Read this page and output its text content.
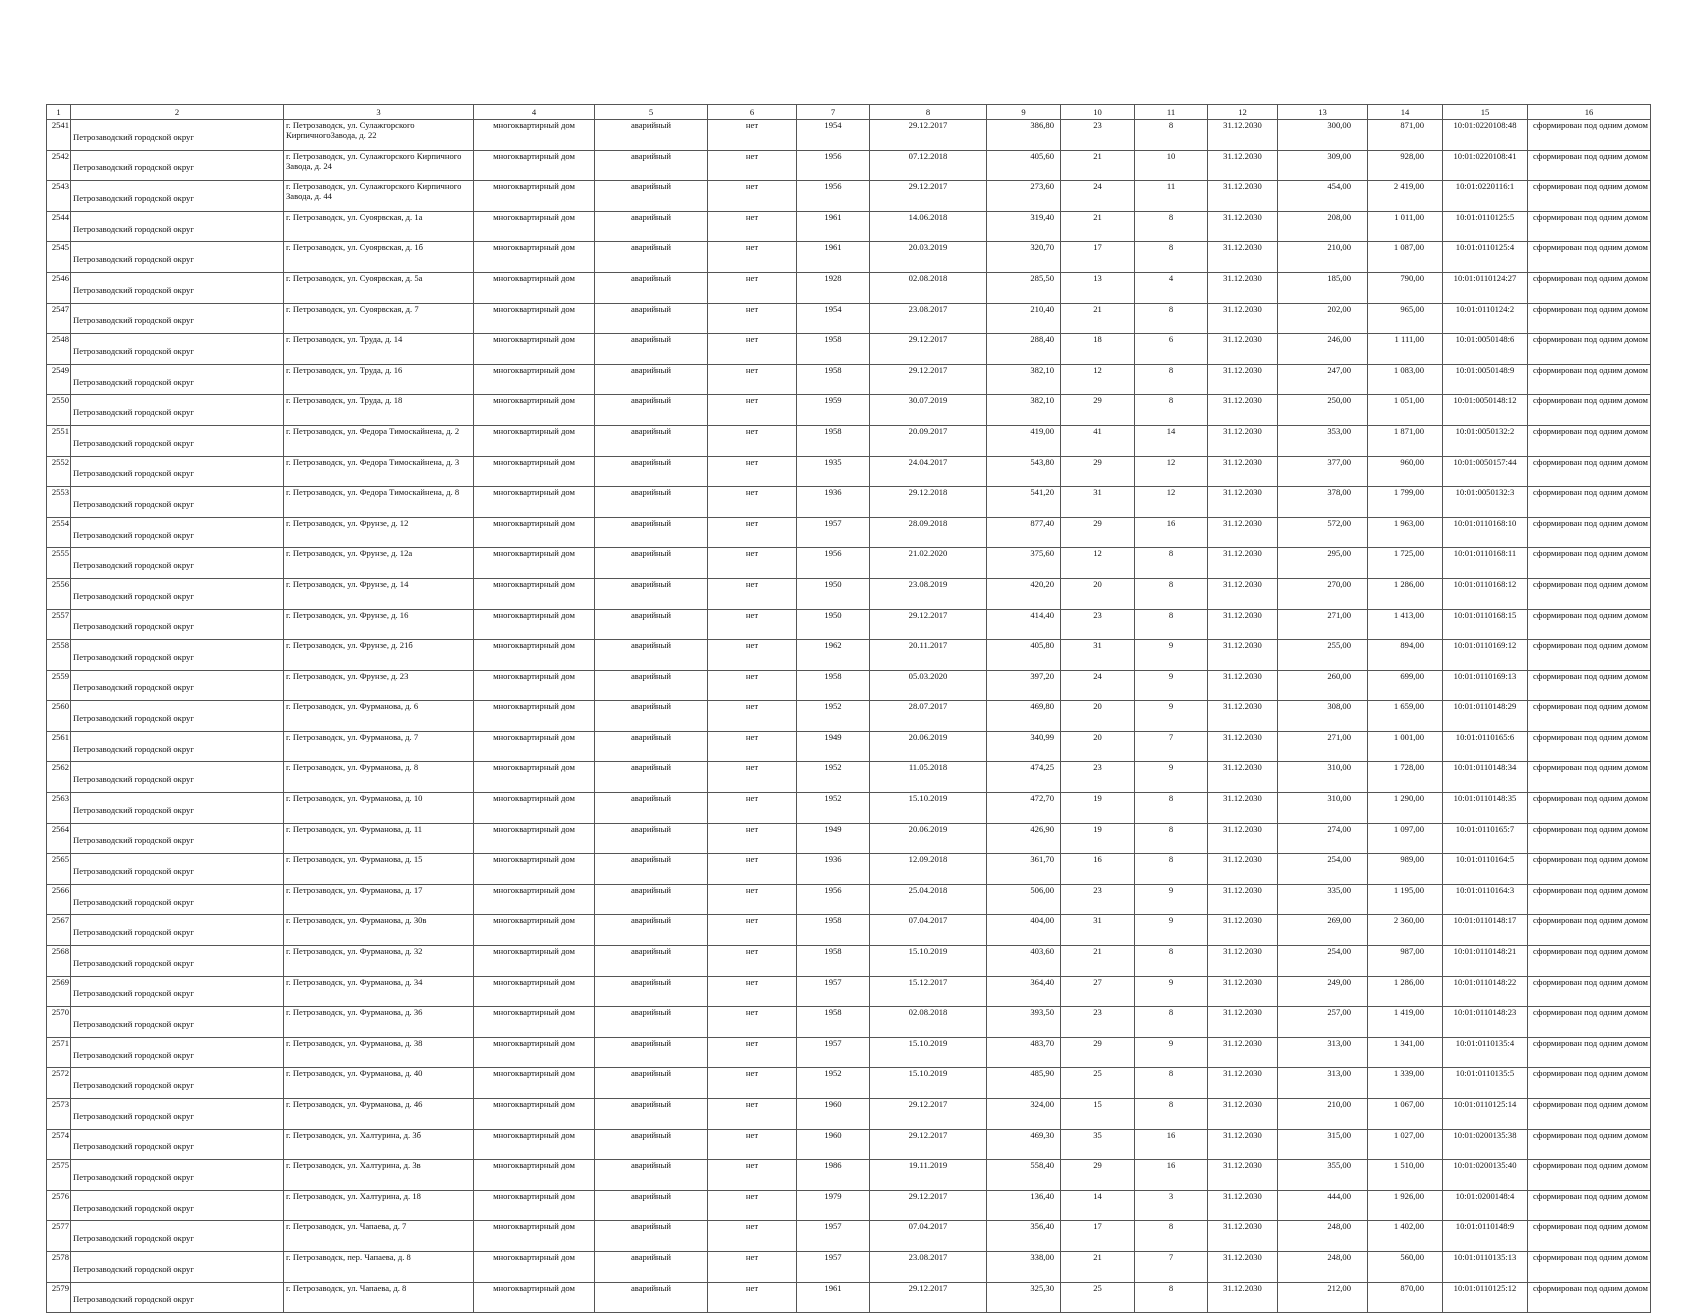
1	2	3	4	5	6	7	8	9	10	11	12	13	14	15	16
2541	Петрозаводский городской округ	г. Петрозаводск, ул. Сулажгорского КирпичногоЗавода, д. 22	многоквартирный дом	аварийный	нет	1954	29.12.2017	386,80	23	8	31.12.2030	300,00	871,00	10:01:0220108:48	сформирован под одним домом
2542	Петрозаводский городской округ	г. Петрозаводск, ул. Сулажгорского Кирпичного Завода, д. 24	многоквартирный дом	аварийный	нет	1956	07.12.2018	405,60	21	10	31.12.2030	309,00	928,00	10:01:0220108:41	сформирован под одним домом
2543	Петрозаводский городской округ	г. Петрозаводск, ул. Сулажгорского Кирпичного Завода, д. 44	многоквартирный дом	аварийный	нет	1956	29.12.2017	273,60	24	11	31.12.2030	454,00	2 419,00	10:01:0220116:1	сформирован под одним домом
2544	Петрозаводский городской округ	г. Петрозаводск, ул. Суоярвская, д. 1а	многоквартирный дом	аварийный	нет	1961	14.06.2018	319,40	21	8	31.12.2030	208,00	1 011,00	10:01:0110125:5	сформирован под одним домом
2545	Петрозаводский городской округ	г. Петрозаводск, ул. Суоярвская, д. 1б	многоквартирный дом	аварийный	нет	1961	20.03.2019	320,70	17	8	31.12.2030	210,00	1 087,00	10:01:0110125:4	сформирован под одним домом
2546	Петрозаводский городской округ	г. Петрозаводск, ул. Суоярвская, д. 5а	многоквартирный дом	аварийный	нет	1928	02.08.2018	285,50	13	4	31.12.2030	185,00	790,00	10:01:0110124:27	сформирован под одним домом
2547	Петрозаводский городской округ	г. Петрозаводск, ул. Суоярвская, д. 7	многоквартирный дом	аварийный	нет	1954	23.08.2017	210,40	21	8	31.12.2030	202,00	965,00	10:01:0110124:2	сформирован под одним домом
2548	Петрозаводский городской округ	г. Петрозаводск, ул. Труда, д. 14	многоквартирный дом	аварийный	нет	1958	29.12.2017	288,40	18	6	31.12.2030	246,00	1 111,00	10:01:0050148:6	сформирован под одним домом
2549	Петрозаводский городской округ	г. Петрозаводск, ул. Труда, д. 16	многоквартирный дом	аварийный	нет	1958	29.12.2017	382,10	12	8	31.12.2030	247,00	1 083,00	10:01:0050148:9	сформирован под одним домом
2550	Петрозаводский городской округ	г. Петрозаводск, ул. Труда, д. 18	многоквартирный дом	аварийный	нет	1959	30.07.2019	382,10	29	8	31.12.2030	250,00	1 051,00	10:01:0050148:12	сформирован под одним домом
2551	Петрозаводский городской округ	г. Петрозаводск, ул. Федора Тимоскайнена, д. 2	многоквартирный дом	аварийный	нет	1958	20.09.2017	419,00	41	14	31.12.2030	353,00	1 871,00	10:01:0050132:2	сформирован под одним домом
2552	Петрозаводский городской округ	г. Петрозаводск, ул. Федора Тимоскайнена, д. 3	многоквартирный дом	аварийный	нет	1935	24.04.2017	543,80	29	12	31.12.2030	377,00	960,00	10:01:0050157:44	сформирован под одним домом
2553	Петрозаводский городской округ	г. Петрозаводск, ул. Федора Тимоскайнена, д. 8	многоквартирный дом	аварийный	нет	1936	29.12.2018	541,20	31	12	31.12.2030	378,00	1 799,00	10:01:0050132:3	сформирован под одним домом
2554	Петрозаводский городской округ	г. Петрозаводск, ул. Фрунзе, д. 12	многоквартирный дом	аварийный	нет	1957	28.09.2018	877,40	29	16	31.12.2030	572,00	1 963,00	10:01:0110168:10	сформирован под одним домом
2555	Петрозаводский городской округ	г. Петрозаводск, ул. Фрунзе, д. 12а	многоквартирный дом	аварийный	нет	1956	21.02.2020	375,60	12	8	31.12.2030	295,00	1 725,00	10:01:0110168:11	сформирован под одним домом
2556	Петрозаводский городской округ	г. Петрозаводск, ул. Фрунзе, д. 14	многоквартирный дом	аварийный	нет	1950	23.08.2019	420,20	20	8	31.12.2030	270,00	1 286,00	10:01:0110168:12	сформирован под одним домом
2557	Петрозаводский городской округ	г. Петрозаводск, ул. Фрунзе, д. 16	многоквартирный дом	аварийный	нет	1950	29.12.2017	414,40	23	8	31.12.2030	271,00	1 413,00	10:01:0110168:15	сформирован под одним домом
2558	Петрозаводский городской округ	г. Петрозаводск, ул. Фрунзе, д. 21б	многоквартирный дом	аварийный	нет	1962	20.11.2017	405,80	31	9	31.12.2030	255,00	894,00	10:01:0110169:12	сформирован под одним домом
2559	Петрозаводский городской округ	г. Петрозаводск, ул. Фрунзе, д. 23	многоквартирный дом	аварийный	нет	1958	05.03.2020	397,20	24	9	31.12.2030	260,00	699,00	10:01:0110169:13	сформирован под одним домом
2560	Петрозаводский городской округ	г. Петрозаводск, ул. Фурманова, д. 6	многоквартирный дом	аварийный	нет	1952	28.07.2017	469,80	20	9	31.12.2030	308,00	1 659,00	10:01:0110148:29	сформирован под одним домом
2561	Петрозаводский городской округ	г. Петрозаводск, ул. Фурманова, д. 7	многоквартирный дом	аварийный	нет	1949	20.06.2019	340,99	20	7	31.12.2030	271,00	1 001,00	10:01:0110165:6	сформирован под одним домом
2562	Петрозаводский городской округ	г. Петрозаводск, ул. Фурманова, д. 8	многоквартирный дом	аварийный	нет	1952	11.05.2018	474,25	23	9	31.12.2030	310,00	1 728,00	10:01:0110148:34	сформирован под одним домом
2563	Петрозаводский городской округ	г. Петрозаводск, ул. Фурманова, д. 10	многоквартирный дом	аварийный	нет	1952	15.10.2019	472,70	19	8	31.12.2030	310,00	1 290,00	10:01:0110148:35	сформирован под одним домом
2564	Петрозаводский городской округ	г. Петрозаводск, ул. Фурманова, д. 11	многоквартирный дом	аварийный	нет	1949	20.06.2019	426,90	19	8	31.12.2030	274,00	1 097,00	10:01:0110165:7	сформирован под одним домом
2565	Петрозаводский городской округ	г. Петрозаводск, ул. Фурманова, д. 15	многоквартирный дом	аварийный	нет	1936	12.09.2018	361,70	16	8	31.12.2030	254,00	989,00	10:01:0110164:5	сформирован под одним домом
2566	Петрозаводский городской округ	г. Петрозаводск, ул. Фурманова, д. 17	многоквартирный дом	аварийный	нет	1956	25.04.2018	506,00	23	9	31.12.2030	335,00	1 195,00	10:01:0110164:3	сформирован под одним домом
2567	Петрозаводский городской округ	г. Петрозаводск, ул. Фурманова, д. 30в	многоквартирный дом	аварийный	нет	1958	07.04.2017	404,00	31	9	31.12.2030	269,00	2 360,00	10:01:0110148:17	сформирован под одним домом
2568	Петрозаводский городской округ	г. Петрозаводск, ул. Фурманова, д. 32	многоквартирный дом	аварийный	нет	1958	15.10.2019	403,60	21	8	31.12.2030	254,00	987,00	10:01:0110148:21	сформирован под одним домом
2569	Петрозаводский городской округ	г. Петрозаводск, ул. Фурманова, д. 34	многоквартирный дом	аварийный	нет	1957	15.12.2017	364,40	27	9	31.12.2030	249,00	1 286,00	10:01:0110148:22	сформирован под одним домом
2570	Петрозаводский городской округ	г. Петрозаводск, ул. Фурманова, д. 36	многоквартирный дом	аварийный	нет	1958	02.08.2018	393,50	23	8	31.12.2030	257,00	1 419,00	10:01:0110148:23	сформирован под одним домом
2571	Петрозаводский городской округ	г. Петрозаводск, ул. Фурманова, д. 38	многоквартирный дом	аварийный	нет	1957	15.10.2019	483,70	29	9	31.12.2030	313,00	1 341,00	10:01:0110135:4	сформирован под одним домом
2572	Петрозаводский городской округ	г. Петрозаводск, ул. Фурманова, д. 40	многоквартирный дом	аварийный	нет	1952	15.10.2019	485,90	25	8	31.12.2030	313,00	1 339,00	10:01:0110135:5	сформирован под одним домом
2573	Петрозаводский городской округ	г. Петрозаводск, ул. Фурманова, д. 46	многоквартирный дом	аварийный	нет	1960	29.12.2017	324,00	15	8	31.12.2030	210,00	1 067,00	10:01:0110125:14	сформирован под одним домом
2574	Петрозаводский городской округ	г. Петрозаводск, ул. Халтурина, д. 3б	многоквартирный дом	аварийный	нет	1960	29.12.2017	469,30	35	16	31.12.2030	315,00	1 027,00	10:01:0200135:38	сформирован под одним домом
2575	Петрозаводский городской округ	г. Петрозаводск, ул. Халтурина, д. 3в	многоквартирный дом	аварийный	нет	1986	19.11.2019	558,40	29	16	31.12.2030	355,00	1 510,00	10:01:0200135:40	сформирован под одним домом
2576	Петрозаводский городской округ	г. Петрозаводск, ул. Халтурина, д. 18	многоквартирный дом	аварийный	нет	1979	29.12.2017	136,40	14	3	31.12.2030	444,00	1 926,00	10:01:0200148:4	сформирован под одним домом
2577	Петрозаводский городской округ	г. Петрозаводск, ул. Чапаева, д. 7	многоквартирный дом	аварийный	нет	1957	07.04.2017	356,40	17	8	31.12.2030	248,00	1 402,00	10:01:0110148:9	сформирован под одним домом
2578	Петрозаводский городской округ	г. Петрозаводск, пер. Чапаева, д. 8	многоквартирный дом	аварийный	нет	1957	23.08.2017	338,00	21	7	31.12.2030	248,00	560,00	10:01:0110135:13	сформирован под одним домом
2579	Петрозаводский городской округ	г. Петрозаводск, ул. Чапаева, д. 8	многоквартирный дом	аварийный	нет	1961	29.12.2017	325,30	25	8	31.12.2030	212,00	870,00	10:01:0110125:12	сформирован под одним домом
